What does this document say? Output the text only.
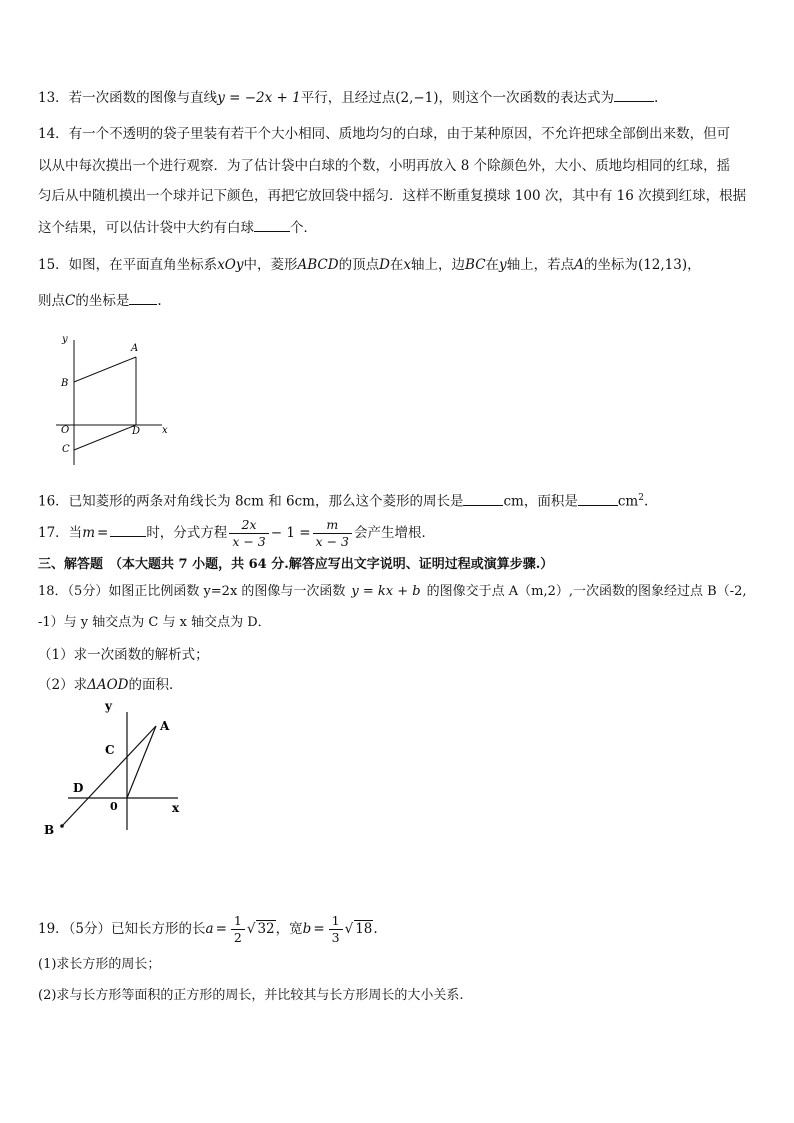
13．若一次函数的图像与直线y = −2x + 1平行，且经过点(2,−1)，则这个一次函数的表达式为	.
14．有一个不透明的袋子里装有若干个大小相同、质地均匀的白球，由于某种原因，不允许把球全部倒出来数，但可
以从中每次摸出一个进行观察．为了估计袋中白球的个数，小明再放入 8 个除颜色外，大小、质地均相同的红球，摇
匀后从中随机摸出一个球并记下颜色，再把它放回袋中摇匀．这样不断重复摸球 100 次，其中有 16 次摸到红球，根据
这个结果，可以估计袋中大约有白球	个．
15．如图，在平面直角坐标系xOy中，菱形ABCD的顶点D在x轴上，边BC在y轴上，若点A的坐标为(12,13)，
则点C的坐标是 .
y
x
A
B
O
C
D
16．已知菱形的两条对角线长为 8cm 和 6cm，那么这个菱形的周长是	cm，面积是	$cm^2$.
17．当m =	时，分式方程 $\frac{2x}{x - 3} - 1 = \frac{m}{x - 3}$ 会产生增根．
三、解答题 （本大题共 7 小题，共 64 分.解答应写出文字说明、证明过程或演算步骤.）
18．（5分）如图正比例函数 y=2x 的图像与一次函数 y = kx + b 的图像交于点 A（m,2）,一次函数的图象经过点 B（-2,
-1）与 y 轴交点为 C 与 x 轴交点为 D．
（1）求一次函数的解析式；
（2）求ΔAOD的面积．
y
x
A
C
D
0
B
19．（5分）已知长方形的长$a = \frac{1}{2}$ √ 32，宽$b = \frac{1}{3}$ √ 18.
(1)求长方形的周长；
(2)求与长方形等面积的正方形的周长，并比较其与长方形周长的大小关系.
